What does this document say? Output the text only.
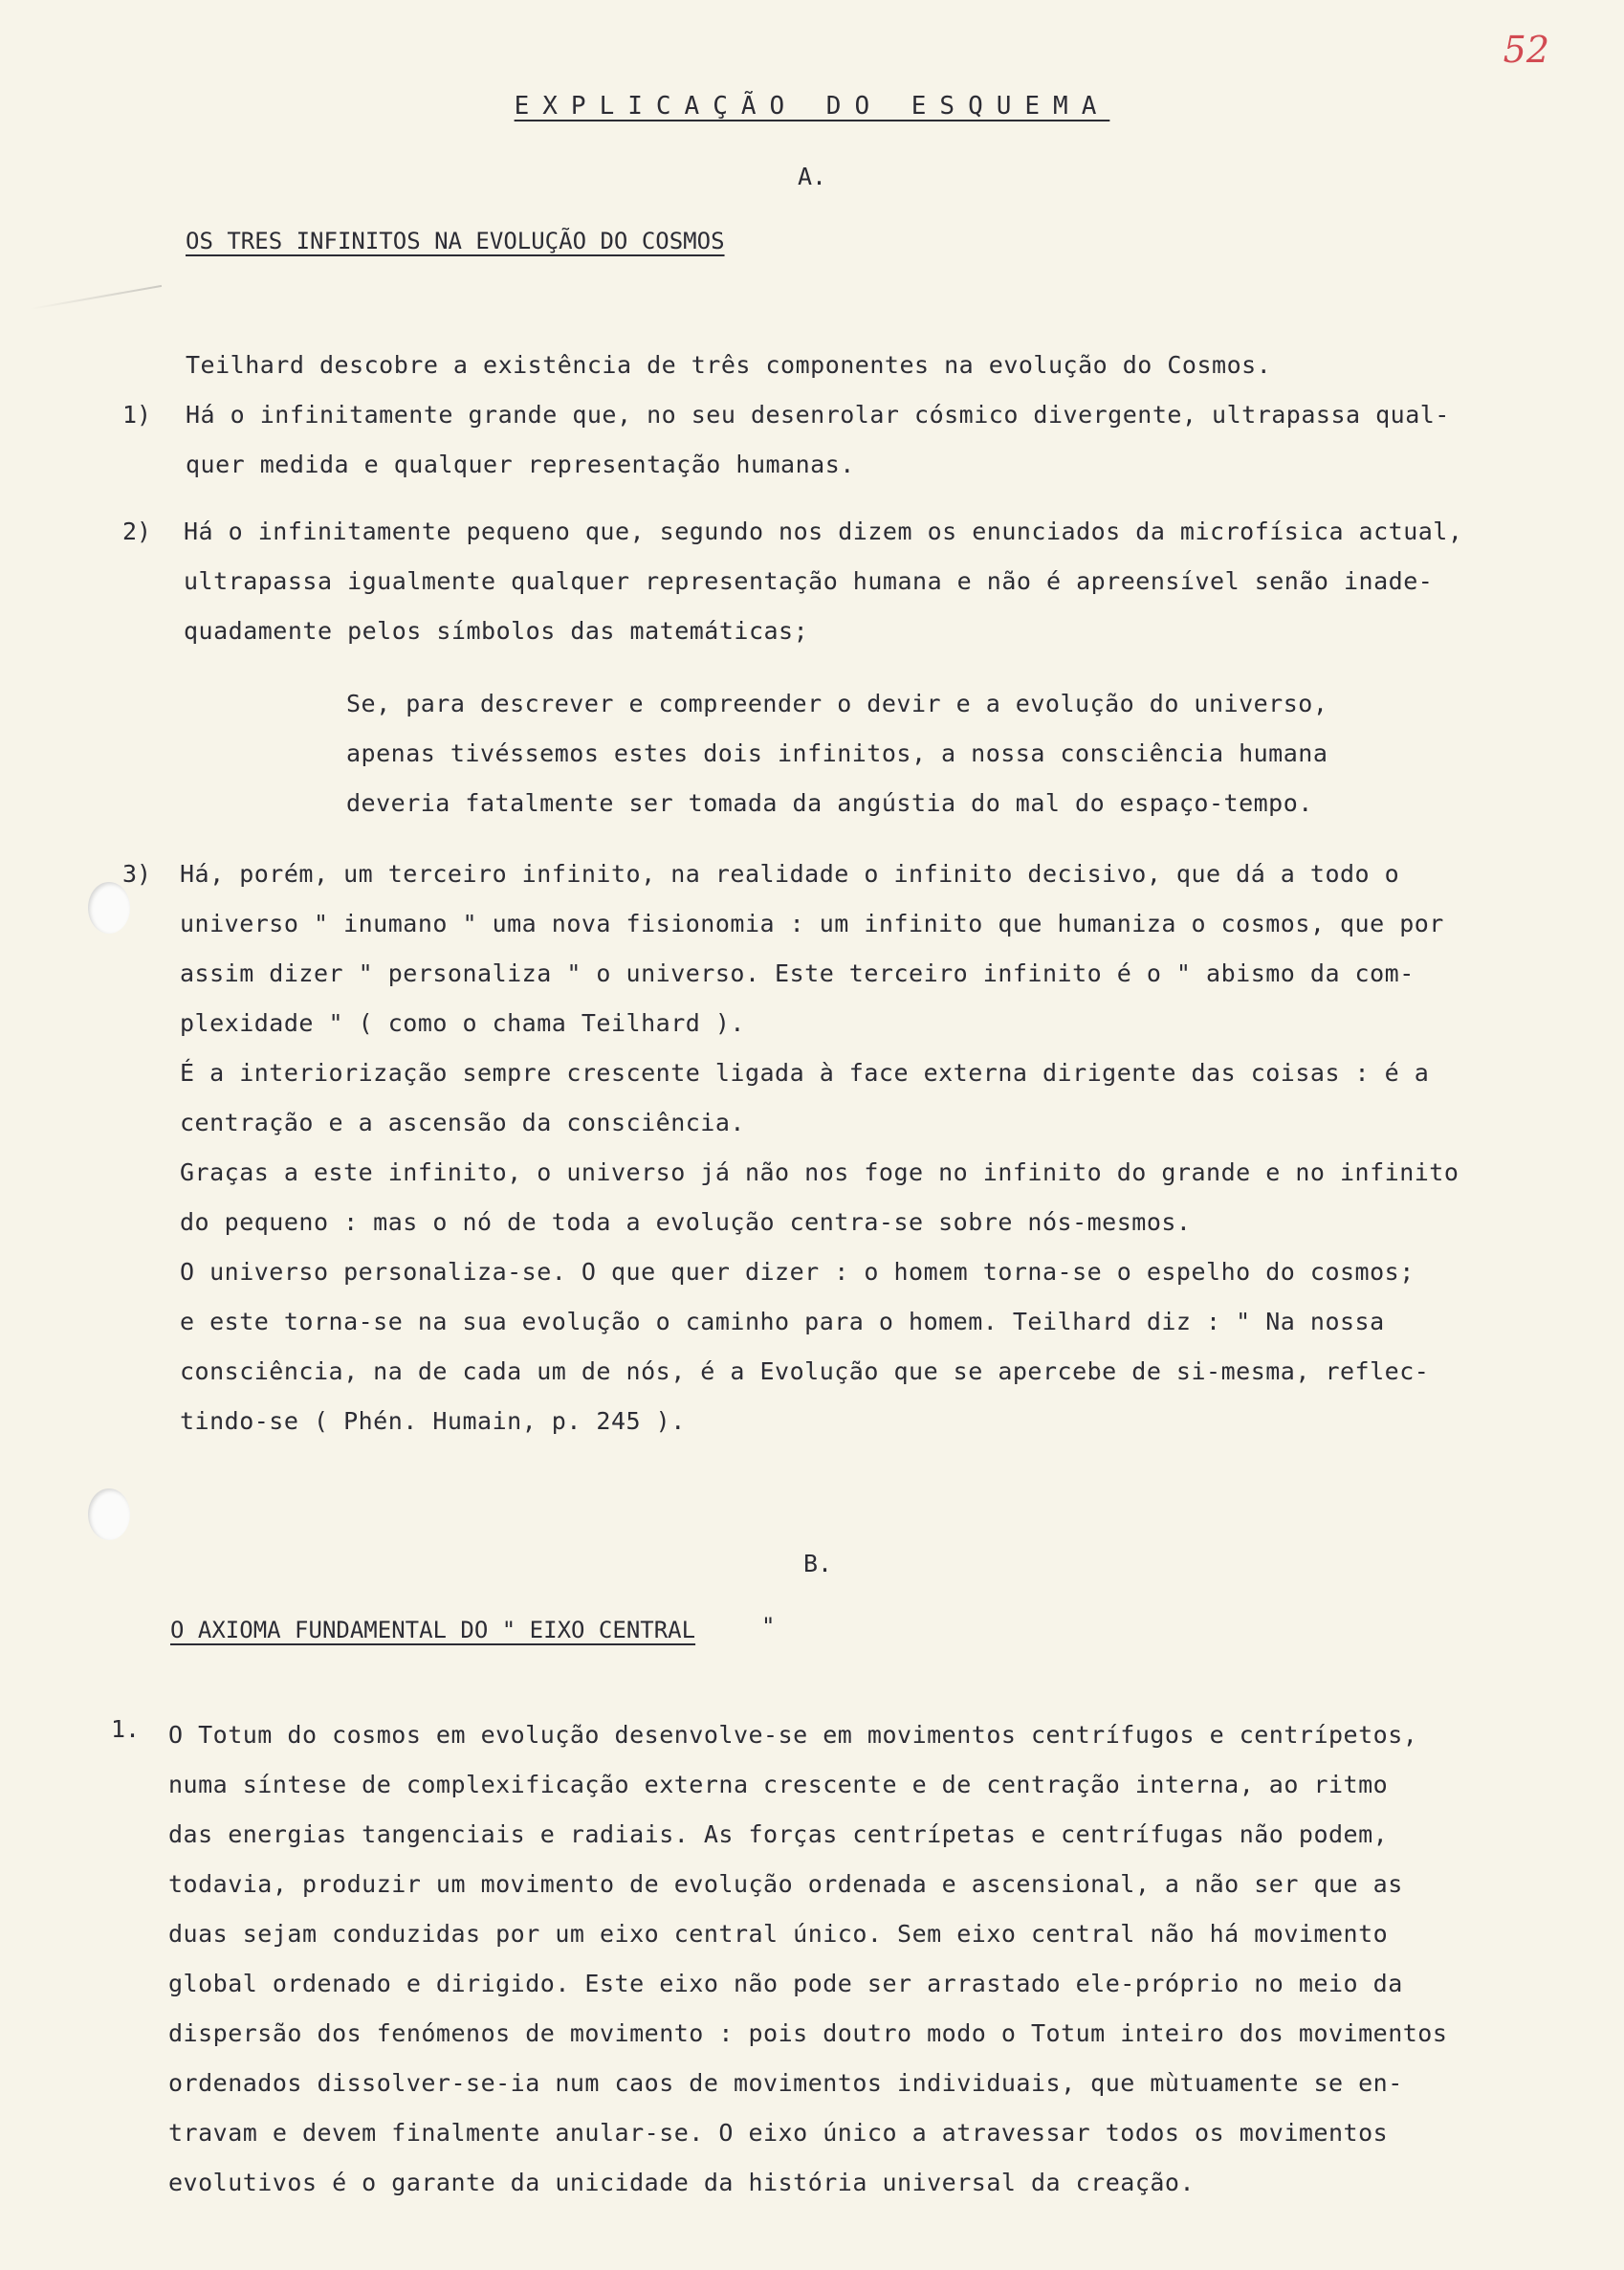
52
EXPLICAÇÃO DO ESQUEMA
A.
OS TRES INFINITOS NA EVOLUÇÃO DO COSMOS
Teilhard descobre a existência de três componentes na evolução do Cosmos.
1) Há o infinitamente grande que, no seu desenrolar cósmico divergente, ultrapassa qual-
quer medida e qualquer representação humanas.
2) Há o infinitamente pequeno que, segundo nos dizem os enunciados da microfísica actual,
ultrapassa igualmente qualquer representação humana e não é apreensível senão inade-
quadamente pelos símbolos das matemáticas;
Se, para descrever e compreender o devir e a evolução do universo,
apenas tivéssemos estes dois infinitos, a nossa consciência humana
deveria fatalmente ser tomada da angústia do mal do espaço-tempo.
3) Há, porém, um terceiro infinito, na realidade o infinito decisivo, que dá a todo o
universo " inumano " uma nova fisionomia : um infinito que humaniza o cosmos, que por
assim dizer " personaliza " o universo. Este terceiro infinito é o " abismo da com-
plexidade " ( como o chama Teilhard ).
É a interiorização sempre crescente ligada à face externa dirigente das coisas : é a
centração e a ascensão da consciência.
Graças a este infinito, o universo já não nos foge no infinito do grande e no infinito
do pequeno : mas o nó de toda a evolução centra-se sobre nós-mesmos.
O universo personaliza-se. O que quer dizer : o homem torna-se o espelho do cosmos;
e este torna-se na sua evolução o caminho para o homem. Teilhard diz : " Na nossa
consciência, na de cada um de nós, é a Evolução que se apercebe de si-mesma, reflec-
tindo-se ( Phén. Humain, p. 245 ).
B.
O AXIOMA FUNDAMENTAL DO " EIXO CENTRAL	"
1. O Totum do cosmos em evolução desenvolve-se em movimentos centrífugos e centrípetos,
numa síntese de complexificação externa crescente e de centração interna, ao ritmo
das energias tangenciais e radiais. As forças centrípetas e centrífugas não podem,
todavia, produzir um movimento de evolução ordenada e ascensional, a não ser que as
duas sejam conduzidas por um eixo central único. Sem eixo central não há movimento
global ordenado e dirigido. Este eixo não pode ser arrastado ele-próprio no meio da
dispersão dos fenómenos de movimento : pois doutro modo o Totum inteiro dos movimentos
ordenados dissolver-se-ia num caos de movimentos individuais, que mùtuamente se en-
travam e devem finalmente anular-se. O eixo único a atravessar todos os movimentos
evolutivos é o garante da unicidade da história universal da creação.
